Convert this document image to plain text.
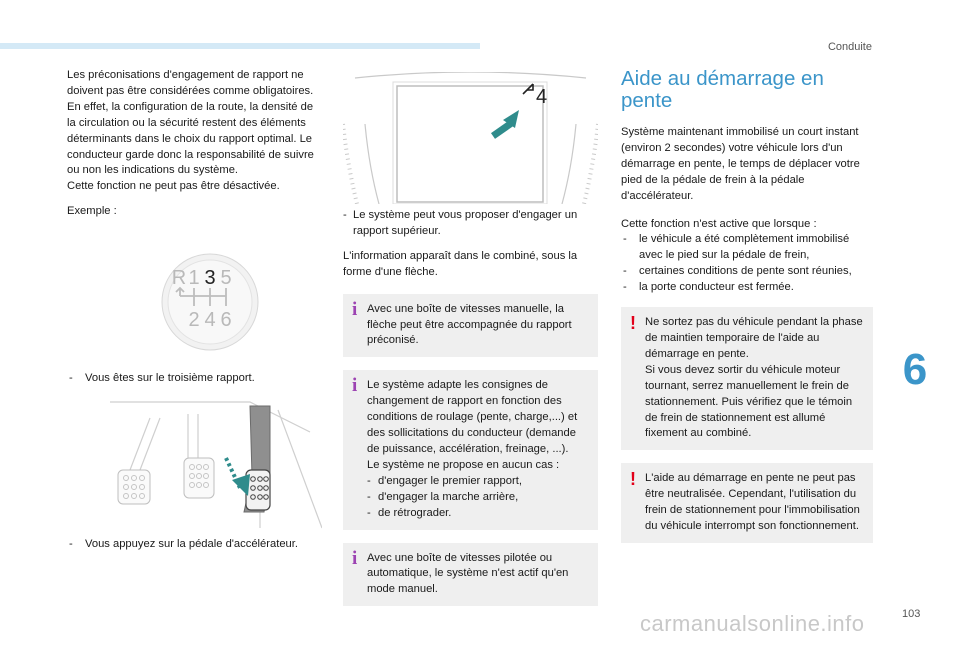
Conduite

Les préconisations d'engagement de rapport ne doivent pas être considérées comme obligatoires. En effet, la configuration de la route, la densité de la circulation ou la sécurité restent des éléments déterminants dans le choix du rapport optimal. Le conducteur garde donc la responsabilité de suivre ou non les indications du système.

Cette fonction ne peut pas être désactivée.

Exemple :

R 1 3 5
2 4 6

- Vous êtes sur le troisième rapport.

- Vous appuyez sur la pédale d'accélérateur.

4

- Le système peut vous proposer d'engager un rapport supérieur.

L'information apparaît dans le combiné, sous la forme d'une flèche.

i Avec une boîte de vitesses manuelle, la flèche peut être accompagnée du rapport préconisé.

i Le système adapte les consignes de changement de rapport en fonction des conditions de roulage (pente, charge,...) et des sollicitations du conducteur (demande de puissance, accélération, freinage, ...).

Le système ne propose en aucun cas :

- d'engager le premier rapport,

- d'engager la marche arrière,

- de rétrograder.

i Avec une boîte de vitesses pilotée ou automatique, le système n'est actif qu'en mode manuel.

Aide au démarrage en
pente

Système maintenant immobilisé un court instant (environ 2 secondes) votre véhicule lors d'un démarrage en pente, le temps de déplacer votre pied de la pédale de frein à la pédale d'accélérateur.

Cette fonction n'est active que lorsque :

- le véhicule a été complètement immobilisé avec le pied sur la pédale de frein,

- certaines conditions de pente sont réunies,

- la porte conducteur est fermée.

! Ne sortez pas du véhicule pendant la phase de maintien temporaire de l'aide au démarrage en pente.

Si vous devez sortir du véhicule moteur tournant, serrez manuellement le frein de stationnement. Puis vérifiez que le témoin de frein de stationnement est allumé fixement au combiné.

! L'aide au démarrage en pente ne peut pas être neutralisée. Cependant, l'utilisation du frein de stationnement pour l'immobilisation du véhicule interrompt son fonctionnement.

6
103
carmanualsonline.info
